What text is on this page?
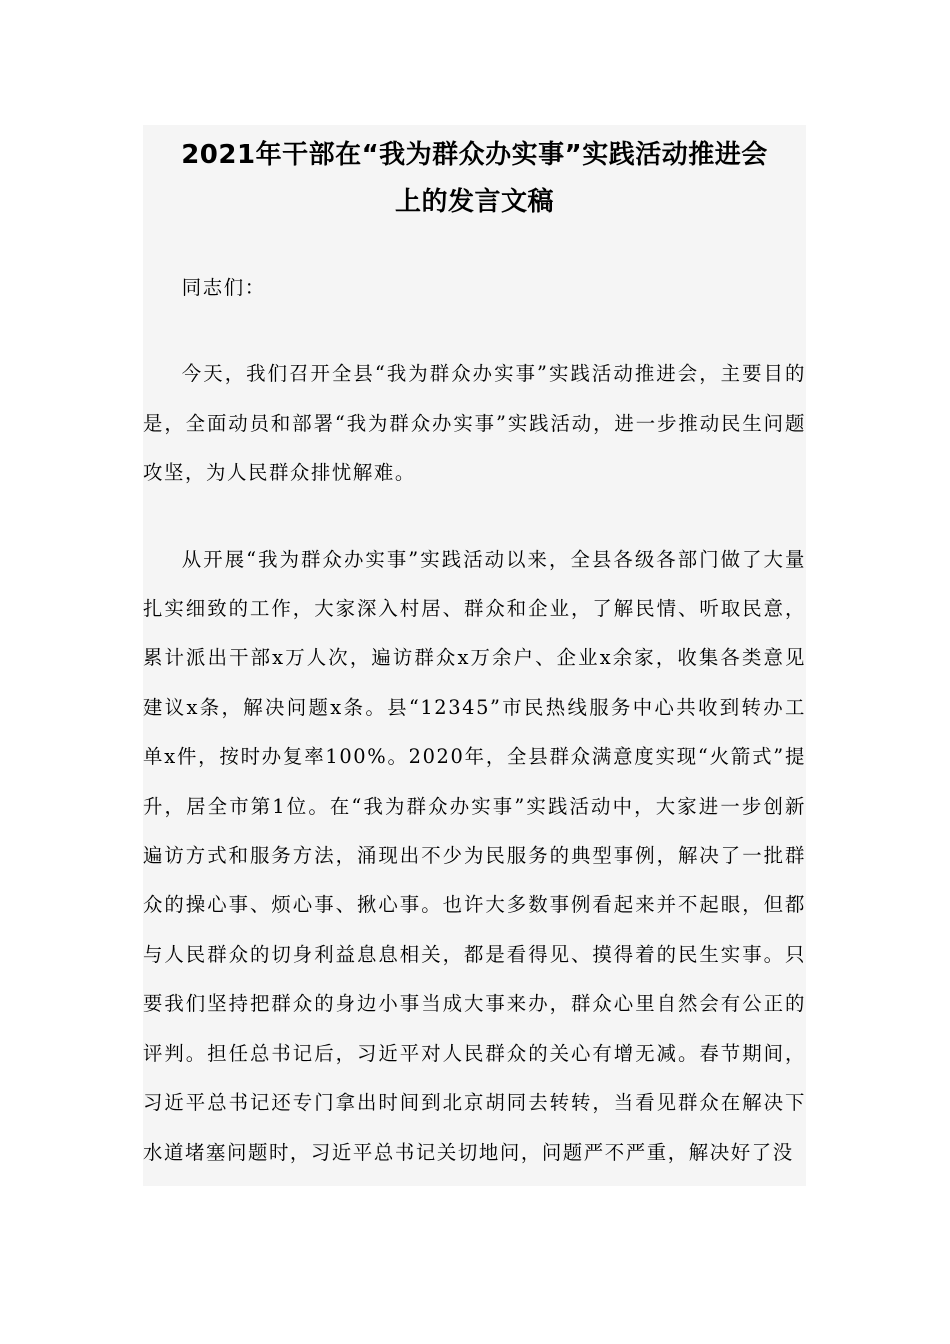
2021年干部在“我为群众办实事”实践活动推进会
上的发言文稿

同志们：

今天，我们召开全县“我为群众办实事”实践活动推进会，主要目的是，全面动员和部署“我为群众办实事”实践活动，进一步推动民生问题攻坚，为人民群众排忧解难。

从开展“我为群众办实事”实践活动以来，全县各级各部门做了大量扎实细致的工作，大家深入村居、群众和企业，了解民情、听取民意，累计派出干部x万人次，遍访群众x万余户、企业x余家，收集各类意见建议x条，解决问题x条。县“12345”市民热线服务中心共收到转办工单x件，按时办复率100%。2020年，全县群众满意度实现“火箭式”提升，居全市第1位。在“我为群众办实事”实践活动中，大家进一步创新遍访方式和服务方法，涌现出不少为民服务的典型事例，解决了一批群众的操心事、烦心事、揪心事。也许大多数事例看起来并不起眼，但都与人民群众的切身利益息息相关，都是看得见、摸得着的民生实事。只要我们坚持把群众的身边小事当成大事来办，群众心里自然会有公正的评判。担任总书记后，习近平对人民群众的关心有增无减。春节期间，习近平总书记还专门拿出时间到北京胡同去转转，当看见群众在解决下水道堵塞问题时，习近平总书记关切地问，问题严不严重，解决好了没
